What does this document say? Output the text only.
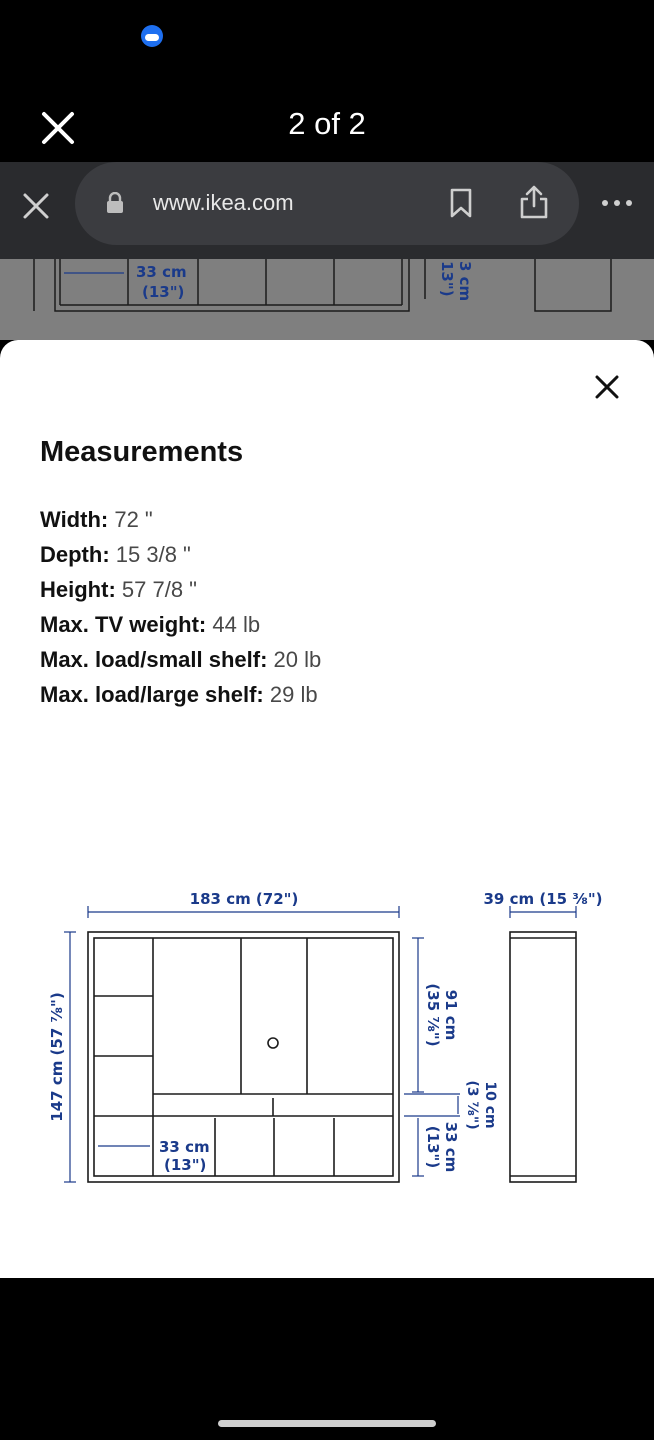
2 of 2
www.ikea.com
33 cm
(13")	13") 3 cm
Measurements
Width: 72 "
Depth: 15 3/8 "
Height: 57 7/8 "
Max. TV weight: 44 lb
Max. load/small shelf: 20 lb
Max. load/large shelf: 29 lb
183 cm (72")	39 cm (15 ⅜")
147 cm (57 ⅞")	91 cm
(35 ⅞")
10 cm
(3 ⅞")
33 cm
(13")
33 cm
(13")
